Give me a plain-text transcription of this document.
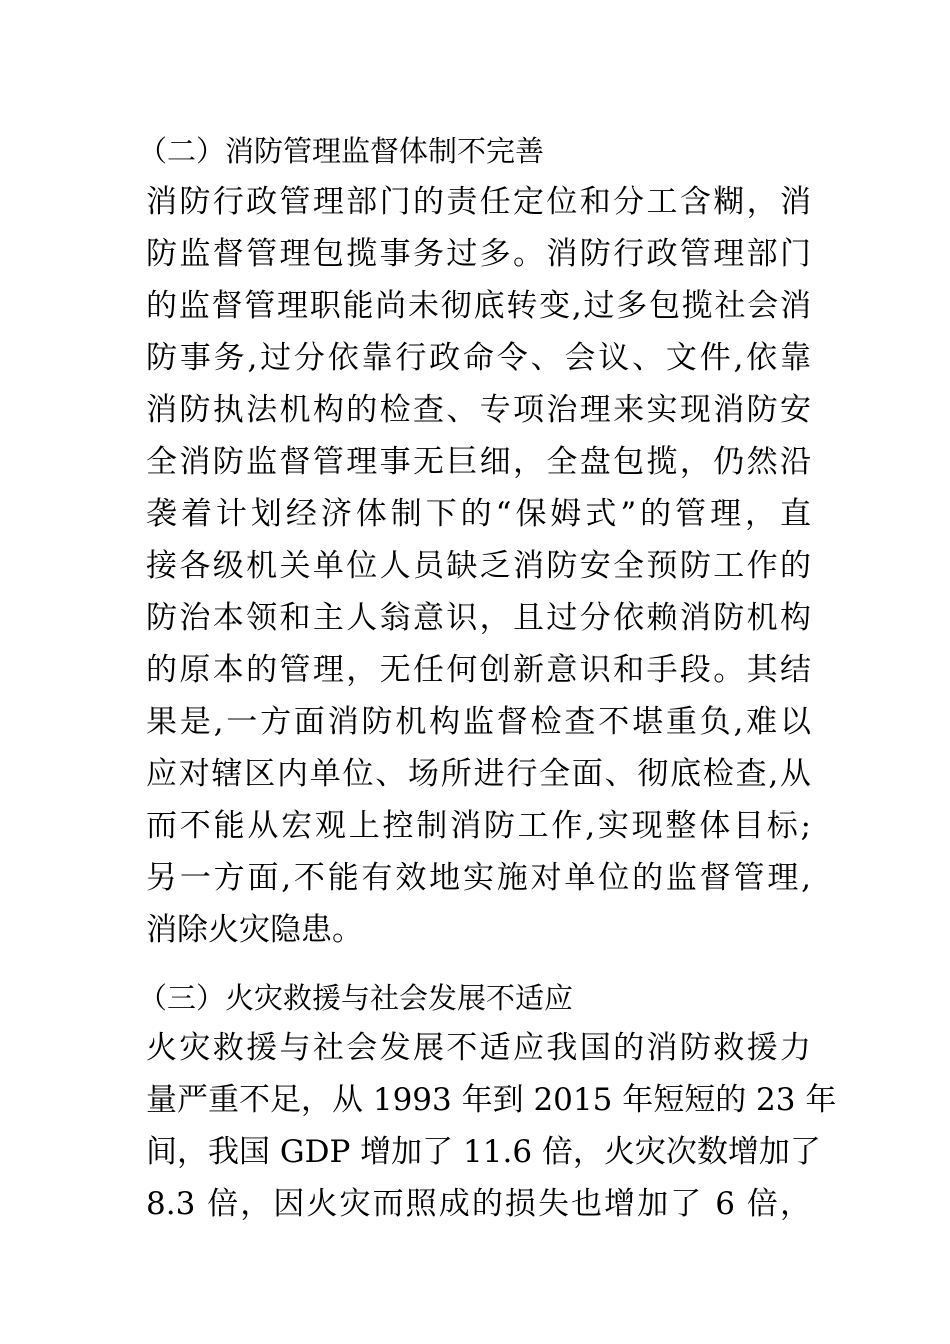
（二）消防管理监督体制不完善
消防行政管理部门的责任定位和分工含糊，消
防监督管理包揽事务过多。消防行政管理部门
的监督管理职能尚未彻底转变,过多包揽社会消
防事务,过分依靠行政命令、会议、文件,依靠
消防执法机构的检查、专项治理来实现消防安
全消防监督管理事无巨细，全盘包揽，仍然沿
袭着计划经济体制下的“保姆式”的管理，直
接各级机关单位人员缺乏消防安全预防工作的
防治本领和主人翁意识，且过分依赖消防机构
的原本的管理，无任何创新意识和手段。其结
果是,一方面消防机构监督检查不堪重负,难以
应对辖区内单位、场所进行全面、彻底检查,从
而不能从宏观上控制消防工作,实现整体目标;
另一方面,不能有效地实施对单位的监督管理,
消除火灾隐患。
（三）火灾救援与社会发展不适应
火灾救援与社会发展不适应我国的消防救援力
量严重不足，从 1993 年到 2015 年短短的 23 年
间，我国 GDP 增加了 11.6 倍，火灾次数增加了
8.3 倍，因火灾而照成的损失也增加了 6 倍，
